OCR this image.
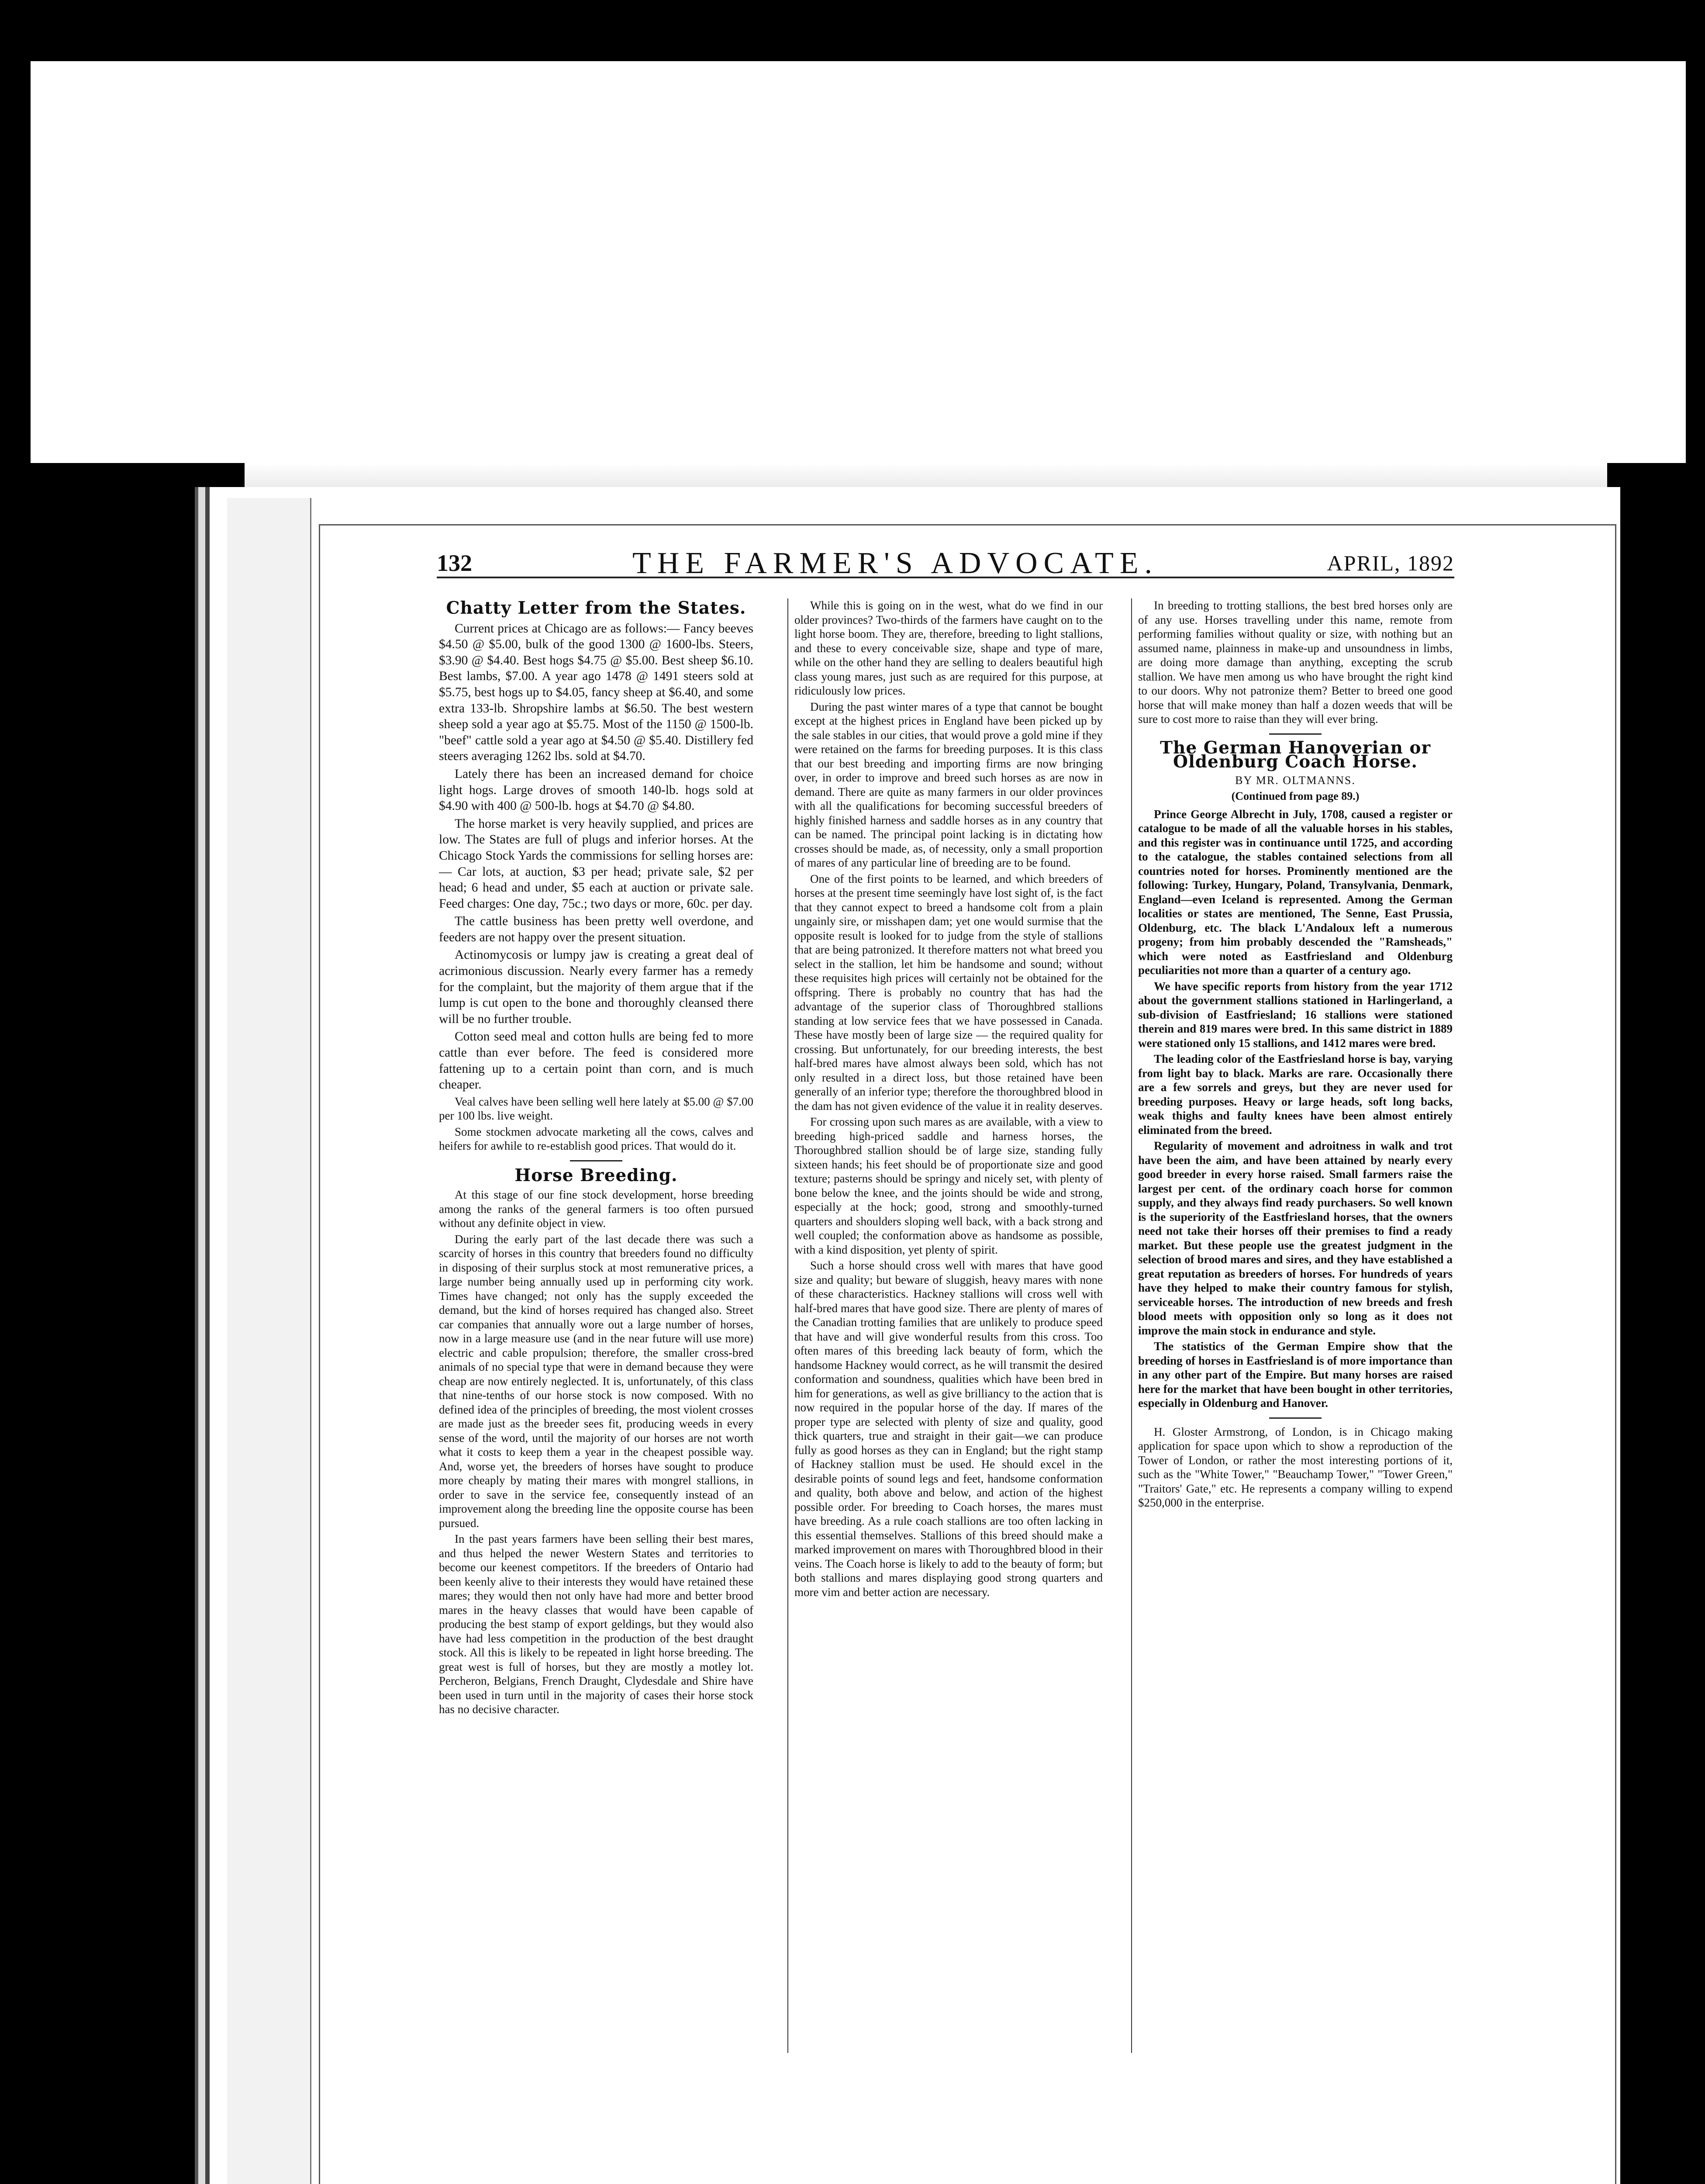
132	THE FARMER'S ADVOCATE.	APRIL, 1892
Chatty Letter from the States.

Current prices at Chicago are as follows:— Fancy beeves $4.50 @ $5.00, bulk of the good 1300 @ 1600-lbs. Steers, $3.90 @ $4.40. Best hogs $4.75 @ $5.00. Best sheep $6.10. Best lambs, $7.00. A year ago 1478 @ 1491 steers sold at $5.75, best hogs up to $4.05, fancy sheep at $6.40, and some extra 133-lb. Shropshire lambs at $6.50. The best western sheep sold a year ago at $5.75. Most of the 1150 @ 1500-lb. "beef" cattle sold a year ago at $4.50 @ $5.40. Distillery fed steers averaging 1262 lbs. sold at $4.70.

Lately there has been an increased demand for choice light hogs. Large droves of smooth 140-lb. hogs sold at $4.90 with 400 @ 500-lb. hogs at $4.70 @ $4.80.

The horse market is very heavily supplied, and prices are low. The States are full of plugs and inferior horses. At the Chicago Stock Yards the commissions for selling horses are:— Car lots, at auction, $3 per head; private sale, $2 per head; 6 head and under, $5 each at auction or private sale. Feed charges: One day, 75c.; two days or more, 60c. per day.

The cattle business has been pretty well overdone, and feeders are not happy over the present situation.

Actinomycosis or lumpy jaw is creating a great deal of acrimonious discussion. Nearly every farmer has a remedy for the complaint, but the majority of them argue that if the lump is cut open to the bone and thoroughly cleansed there will be no further trouble.

Cotton seed meal and cotton hulls are being fed to more cattle than ever before. The feed is considered more fattening up to a certain point than corn, and is much cheaper.

Veal calves have been selling well here lately at $5.00 @ $7.00 per 100 lbs. live weight.

Some stockmen advocate marketing all the cows, calves and heifers for awhile to re-establish good prices. That would do it.

Horse Breeding.

At this stage of our fine stock development, horse breeding among the ranks of the general farmers is too often pursued without any definite object in view.

During the early part of the last decade there was such a scarcity of horses in this country that breeders found no difficulty in disposing of their surplus stock at most remunerative prices, a large number being annually used up in performing city work. Times have changed; not only has the supply exceeded the demand, but the kind of horses required has changed also. Street car companies that annually wore out a large number of horses, now in a large measure use (and in the near future will use more) electric and cable propulsion; therefore, the smaller cross-bred animals of no special type that were in demand because they were cheap are now entirely neglected. It is, unfortunately, of this class that nine-tenths of our horse stock is now composed. With no defined idea of the principles of breeding, the most violent crosses are made just as the breeder sees fit, producing weeds in every sense of the word, until the majority of our horses are not worth what it costs to keep them a year in the cheapest possible way. And, worse yet, the breeders of horses have sought to produce more cheaply by mating their mares with mongrel stallions, in order to save in the service fee, consequently instead of an improvement along the breeding line the opposite course has been pursued.

In the past years farmers have been selling their best mares, and thus helped the newer Western States and territories to become our keenest competitors. If the breeders of Ontario had been keenly alive to their interests they would have retained these mares; they would then not only have had more and better brood mares in the heavy classes that would have been capable of producing the best stamp of export geldings, but they would also have had less competition in the production of the best draught stock. All this is likely to be repeated in light horse breeding. The great west is full of horses, but they are mostly a motley lot. Percheron, Belgians, French Draught, Clydesdale and Shire have been used in turn until in the majority of cases their horse stock has no decisive character.

While this is going on in the west, what do we find in our older provinces? Two-thirds of the farmers have caught on to the light horse boom. They are, therefore, breeding to light stallions, and these to every conceivable size, shape and type of mare, while on the other hand they are selling to dealers beautiful high class young mares, just such as are required for this purpose, at ridiculously low prices.

During the past winter mares of a type that cannot be bought except at the highest prices in England have been picked up by the sale stables in our cities, that would prove a gold mine if they were retained on the farms for breeding purposes. It is this class that our best breeding and importing firms are now bringing over, in order to improve and breed such horses as are now in demand. There are quite as many farmers in our older provinces with all the qualifications for becoming successful breeders of highly finished harness and saddle horses as in any country that can be named. The principal point lacking is in dictating how crosses should be made, as, of necessity, only a small proportion of mares of any particular line of breeding are to be found.

One of the first points to be learned, and which breeders of horses at the present time seemingly have lost sight of, is the fact that they cannot expect to breed a handsome colt from a plain ungainly sire, or misshapen dam; yet one would surmise that the opposite result is looked for to judge from the style of stallions that are being patronized. It therefore matters not what breed you select in the stallion, let him be handsome and sound; without these requisites high prices will certainly not be obtained for the offspring. There is probably no country that has had the advantage of the superior class of Thoroughbred stallions standing at low service fees that we have possessed in Canada. These have mostly been of large size — the required quality for crossing. But unfortunately, for our breeding interests, the best half-bred mares have almost always been sold, which has not only resulted in a direct loss, but those retained have been generally of an inferior type; therefore the thoroughbred blood in the dam has not given evidence of the value it in reality deserves.

For crossing upon such mares as are available, with a view to breeding high-priced saddle and harness horses, the Thoroughbred stallion should be of large size, standing fully sixteen hands; his feet should be of proportionate size and good texture; pasterns should be springy and nicely set, with plenty of bone below the knee, and the joints should be wide and strong, especially at the hock; good, strong and smoothly-turned quarters and shoulders sloping well back, with a back strong and well coupled; the conformation above as handsome as possible, with a kind disposition, yet plenty of spirit.

Such a horse should cross well with mares that have good size and quality; but beware of sluggish, heavy mares with none of these characteristics. Hackney stallions will cross well with half-bred mares that have good size. There are plenty of mares of the Canadian trotting families that are unlikely to produce speed that have and will give wonderful results from this cross. Too often mares of this breeding lack beauty of form, which the handsome Hackney would correct, as he will transmit the desired conformation and soundness, qualities which have been bred in him for generations, as well as give brilliancy to the action that is now required in the popular horse of the day. If mares of the proper type are selected with plenty of size and quality, good thick quarters, true and straight in their gait—we can produce fully as good horses as they can in England; but the right stamp of Hackney stallion must be used. He should excel in the desirable points of sound legs and feet, handsome conformation and quality, both above and below, and action of the highest possible order. For breeding to Coach horses, the mares must have breeding. As a rule coach stallions are too often lacking in this essential themselves. Stallions of this breed should make a marked improvement on mares with Thoroughbred blood in their veins. The Coach horse is likely to add to the beauty of form; but both stallions and mares displaying good strong quarters and more vim and better action are necessary.

In breeding to trotting stallions, the best bred horses only are of any use. Horses travelling under this name, remote from performing families without quality or size, with nothing but an assumed name, plainness in make-up and unsoundness in limbs, are doing more damage than anything, excepting the scrub stallion. We have men among us who have brought the right kind to our doors. Why not patronize them? Better to breed one good horse that will make money than half a dozen weeds that will be sure to cost more to raise than they will ever bring.

The German Hanoverian or Oldenburg Coach Horse.
BY MR. OLTMANNS.
(Continued from page 89.)

Prince George Albrecht in July, 1708, caused a register or catalogue to be made of all the valuable horses in his stables, and this register was in continuance until 1725, and according to the catalogue, the stables contained selections from all countries noted for horses. Prominently mentioned are the following: Turkey, Hungary, Poland, Transylvania, Denmark, England—even Iceland is represented. Among the German localities or states are mentioned, The Senne, East Prussia, Oldenburg, etc. The black L'Andaloux left a numerous progeny; from him probably descended the "Ramsheads," which were noted as Eastfriesland and Oldenburg peculiarities not more than a quarter of a century ago.

We have specific reports from history from the year 1712 about the government stallions stationed in Harlingerland, a sub-division of Eastfriesland; 16 stallions were stationed therein and 819 mares were bred. In this same district in 1889 were stationed only 15 stallions, and 1412 mares were bred.

The leading color of the Eastfriesland horse is bay, varying from light bay to black. Marks are rare. Occasionally there are a few sorrels and greys, but they are never used for breeding purposes. Heavy or large heads, soft long backs, weak thighs and faulty knees have been almost entirely eliminated from the breed.

Regularity of movement and adroitness in walk and trot have been the aim, and have been attained by nearly every good breeder in every horse raised. Small farmers raise the largest per cent. of the ordinary coach horse for common supply, and they always find ready purchasers. So well known is the superiority of the Eastfriesland horses, that the owners need not take their horses off their premises to find a ready market. But these people use the greatest judgment in the selection of brood mares and sires, and they have established a great reputation as breeders of horses. For hundreds of years have they helped to make their country famous for stylish, serviceable horses. The introduction of new breeds and fresh blood meets with opposition only so long as it does not improve the main stock in endurance and style.

The statistics of the German Empire show that the breeding of horses in Eastfriesland is of more importance than in any other part of the Empire. But many horses are raised here for the market that have been bought in other territories, especially in Oldenburg and Hanover.

H. Gloster Armstrong, of London, is in Chicago making application for space upon which to show a reproduction of the Tower of London, or rather the most interesting portions of it, such as the "White Tower," "Beauchamp Tower," "Tower Green," "Traitors' Gate," etc. He represents a company willing to expend $250,000 in the enterprise.
